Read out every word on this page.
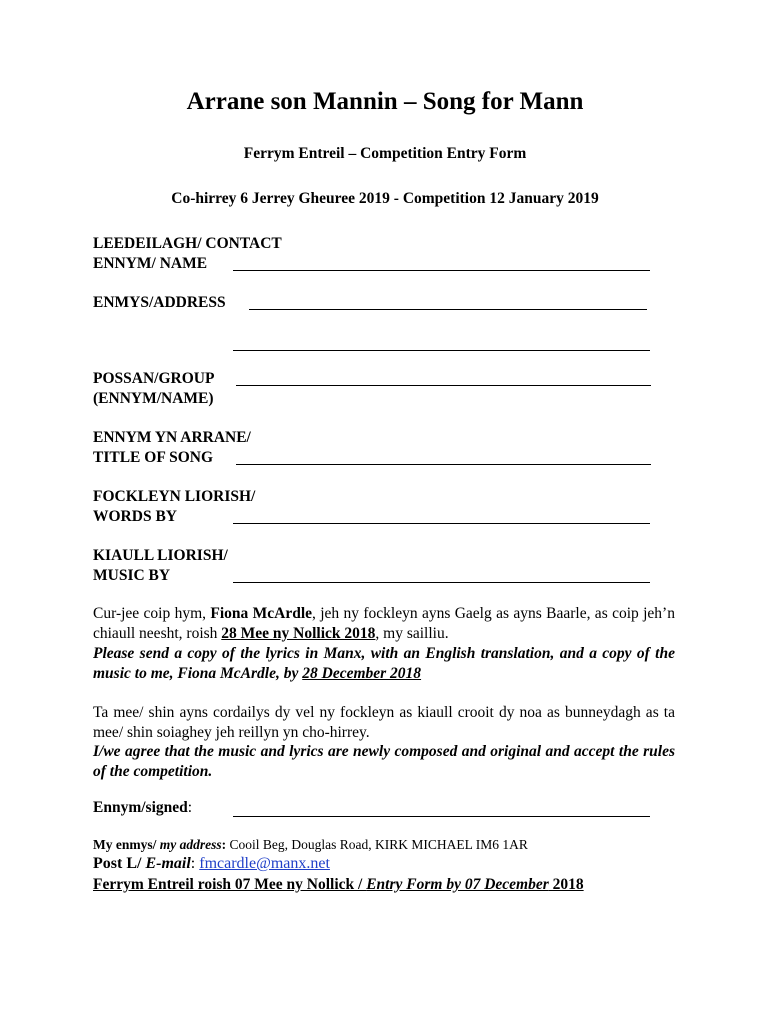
Arrane son Mannin – Song for Mann
Ferrym Entreil – Competition Entry Form
Co-hirrey 6 Jerrey Gheuree 2019 - Competition 12 January 2019
LEEDEILAGH/ CONTACT
ENNYM/ NAME
ENMYS/ADDRESS
POSSAN/GROUP
(ENNYM/NAME)
ENNYM YN ARRANE/
TITLE OF SONG
FOCKLEYN LIORISH/
WORDS BY
KIAULL LIORISH/
MUSIC BY
Cur-jee coip hym, Fiona McArdle, jeh ny fockleyn ayns Gaelg as ayns Baarle, as coip jeh’n chiaull neesht, roish 28 Mee ny Nollick 2018, my sailliu.
Please send a copy of the lyrics in Manx, with an English translation, and a copy of the music to me, Fiona McArdle, by 28 December 2018
Ta mee/ shin ayns cordailys dy vel ny fockleyn as kiaull crooit dy noa as bunneydagh as ta mee/ shin soiaghey jeh reillyn yn cho-hirrey.
I/we agree that the music and lyrics are newly composed and original and accept the rules of the competition.
Ennym/signed:
My enmys/ my address: Cooil Beg, Douglas Road, KIRK MICHAEL IM6 1AR
Post L/ E-mail: fmcardle@manx.net
Ferrym Entreil roish 07 Mee ny Nollick / Entry Form by 07 December 2018
